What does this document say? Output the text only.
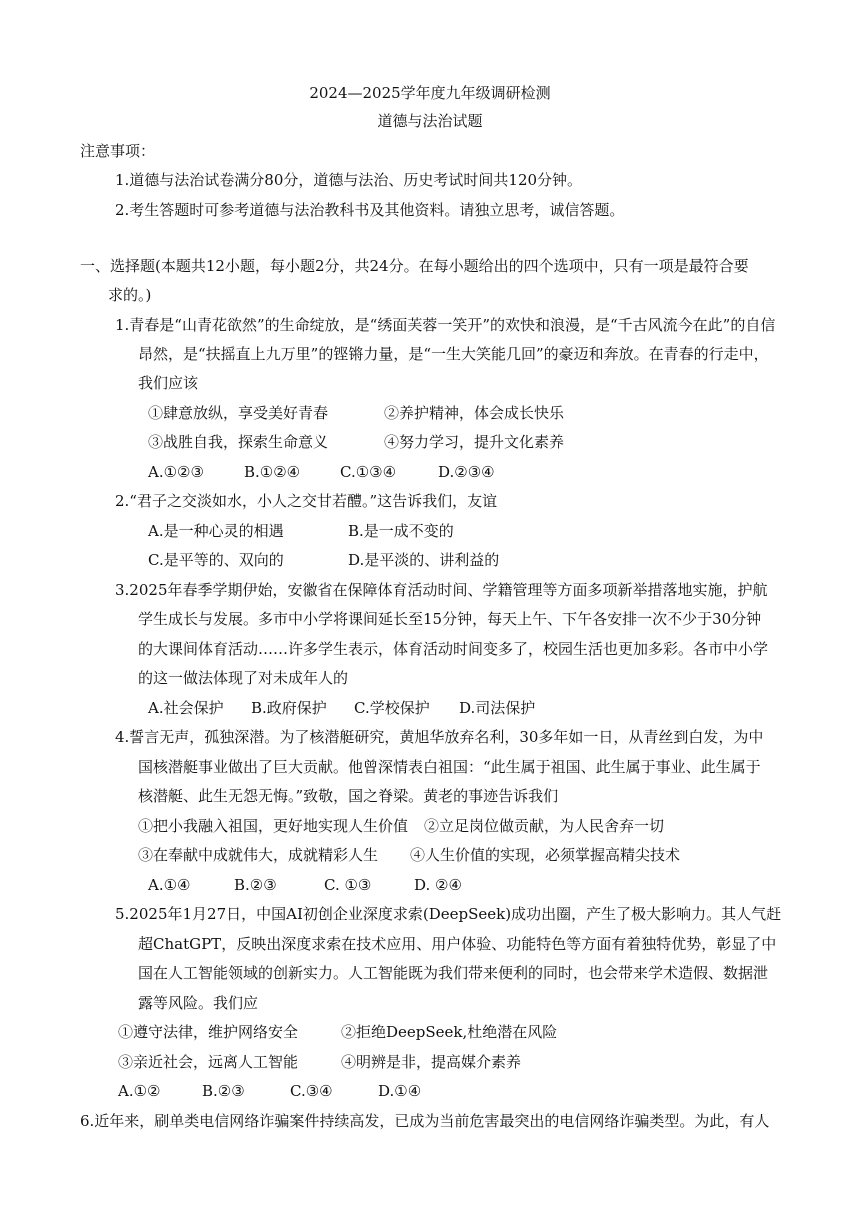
2024—2025学年度九年级调研检测
道德与法治试题
注意事项：
1.道德与法治试卷满分80分，道德与法治、历史考试时间共120分钟。
2.考生答题时可参考道德与法治教科书及其他资料。请独立思考，诚信答题。
一、选择题(本题共12小题，每小题2分，共24分。在每小题给出的四个选项中，只有一项是最符合要
求的。)
1.青春是“山青花欲然”的生命绽放，是“绣面芙蓉一笑开”的欢快和浪漫，是“千古风流今在此”的自信
昂然，是“扶摇直上九万里”的铿锵力量，是“一生大笑能几回”的豪迈和奔放。在青春的行走中，
我们应该
①肆意放纵，享受美好青春	②养护精神，体会成长快乐
③战胜自我，探索生命意义	④努力学习，提升文化素养
A.①②③	B.①②④	C.①③④	D.②③④
2.“君子之交淡如水，小人之交甘若醴。”这告诉我们，友谊
A.是一种心灵的相遇	B.是一成不变的
C.是平等的、双向的	D.是平淡的、讲利益的
3.2025年春季学期伊始，安徽省在保障体育活动时间、学籍管理等方面多项新举措落地实施，护航
学生成长与发展。多市中小学将课间延长至15分钟，每天上午、下午各安排一次不少于30分钟
的大课间体育活动……许多学生表示，体育活动时间变多了，校园生活也更加多彩。各市中小学
的这一做法体现了对未成年人的
A.社会保护 B.政府保护 C.学校保护 D.司法保护
4.誓言无声，孤独深潜。为了核潜艇研究，黄旭华放弃名利，30多年如一日，从青丝到白发，为中
国核潜艇事业做出了巨大贡献。他曾深情表白祖国：“此生属于祖国、此生属于事业、此生属于
核潜艇、此生无怨无悔。”致敬，国之脊梁。黄老的事迹告诉我们
①把小我融入祖国，更好地实现人生价值 ②立足岗位做贡献，为人民舍弃一切
③在奉献中成就伟大，成就精彩人生 ④人生价值的实现，必须掌握高精尖技术
A.①④	B.②③	C. ①③	D. ②④
5.2025年1月27日，中国AI初创企业深度求索(DeepSeek)成功出圈，产生了极大影响力。其人气赶
超ChatGPT，反映出深度求索在技术应用、用户体验、功能特色等方面有着独特优势，彰显了中
国在人工智能领域的创新实力。人工智能既为我们带来便利的同时，也会带来学术造假、数据泄
露等风险。我们应
①遵守法律，维护网络安全	②拒绝DeepSeek,杜绝潜在风险
③亲近社会，远离人工智能	④明辨是非，提高媒介素养
A.①②	B.②③	C.③④	D.①④
6.近年来，刷单类电信网络诈骗案件持续高发，已成为当前危害最突出的电信网络诈骗类型。为此，有人
